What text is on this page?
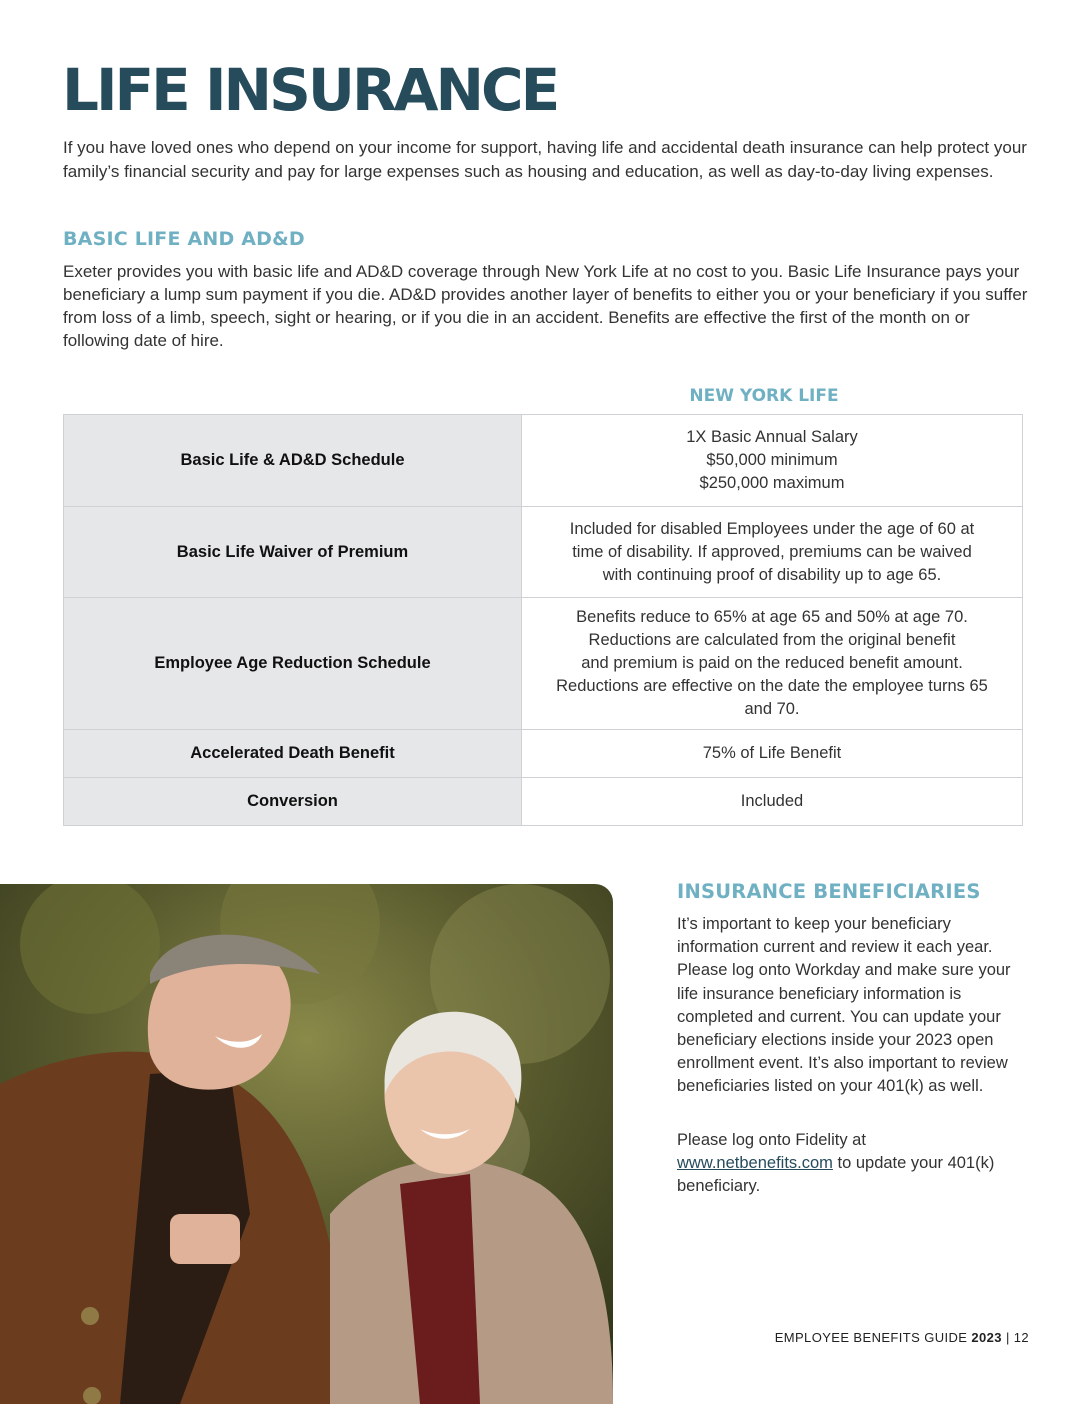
LIFE INSURANCE

If you have loved ones who depend on your income for support, having life and accidental death insurance can help protect your family’s financial security and pay for large expenses such as housing and education, as well as day-to-day living expenses.

BASIC LIFE AND AD&D

Exeter provides you with basic life and AD&D coverage through New York Life at no cost to you. Basic Life Insurance pays your beneficiary a lump sum payment if you die. AD&D provides another layer of benefits to either you or your beneficiary if you suffer from loss of a limb, speech, sight or hearing, or if you die in an accident. Benefits are effective the first of the month on or following date of hire.

NEW YORK LIFE
Basic Life & AD&D Schedule	1X Basic Annual Salary
$50,000 minimum
$250,000 maximum

Basic Life Waiver of Premium	Included for disabled Employees under the age of 60 at
time of disability. If approved, premiums can be waived
with continuing proof of disability up to age 65.

Employee Age Reduction Schedule	Benefits reduce to 65% at age 65 and 50% at age 70.
Reductions are calculated from the original benefit
and premium is paid on the reduced benefit amount.
Reductions are effective on the date the employee turns 65
and 70.

Accelerated Death Benefit	75% of Life Benefit

Conversion	Included
INSURANCE BENEFICIARIES

It’s important to keep your beneficiary information current and review it each year. Please log onto Workday and make sure your life insurance beneficiary information is completed and current. You can update your beneficiary elections inside your 2023 open enrollment event. It’s also important to review beneficiaries listed on your 401(k) as well.

Please log onto Fidelity at
www.netbenefits.com to update your 401(k) beneficiary.

EMPLOYEE BENEFITS GUIDE 2023 | 12
